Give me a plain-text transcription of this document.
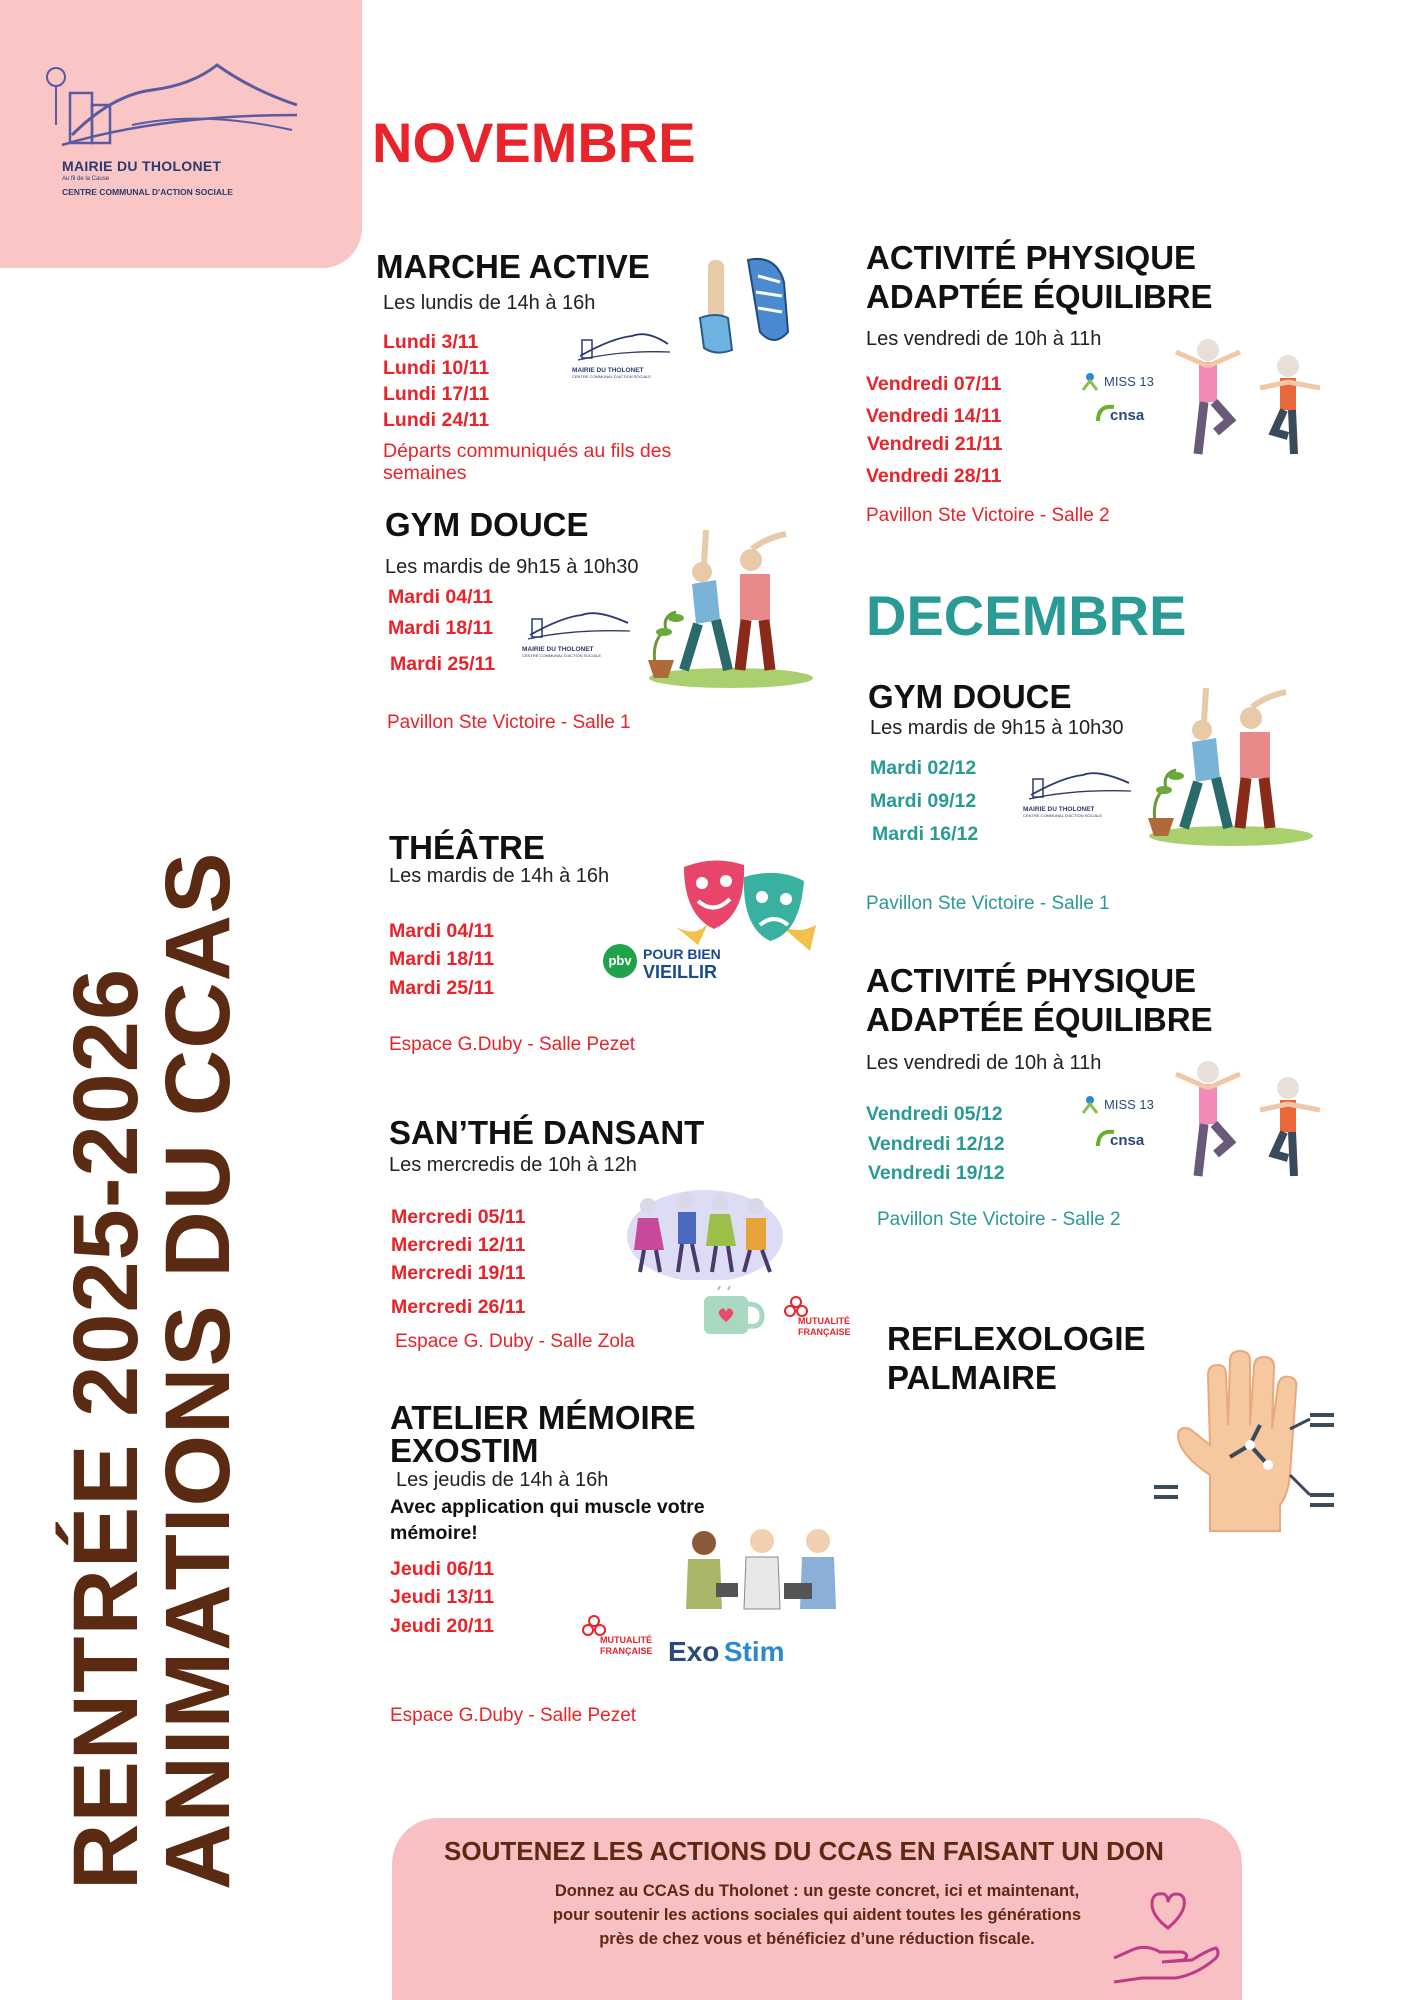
MAIRIE DU THOLONET
Au fil de la Cause
CENTRE COMMUNAL D'ACTION SOCIALE
RENTRÉE 2025-2026
ANIMATIONS DU CCAS
NOVEMBRE
MARCHE ACTIVE
Les lundis de 14h à 16h
Lundi 3/11
Lundi 10/11
Lundi 17/11
Lundi 24/11
Départs communiqués au fils des semaines
MAIRIE DU THOLONET
CENTRE COMMUNAL D'ACTION SOCIALE
GYM DOUCE
Les mardis de 9h15 à 10h30
Mardi 04/11
Mardi 18/11
Mardi 25/11
Pavillon Ste Victoire - Salle 1
MAIRIE DU THOLONET
CENTRE COMMUNAL D'ACTION SOCIALE
THÉÂTRE
Les mardis de 14h à 16h
Mardi 04/11
Mardi 18/11
Mardi 25/11
Espace G.Duby - Salle Pezet
pbv POUR BIEN
VIEILLIR
SAN’THÉ DANSANT
Les mercredis de 10h à 12h
Mercredi 05/11
Mercredi 12/11
Mercredi 19/11
Mercredi 26/11
Espace G. Duby - Salle Zola
MUTUALITÉ
FRANÇAISE
ATELIER MÉMOIRE
EXOSTIM
Les jeudis de 14h à 16h
Avec application qui muscle votre mémoire!
Jeudi 06/11
Jeudi 13/11
Jeudi 20/11
Espace G.Duby - Salle Pezet
MUTUALITÉ
FRANÇAISE Exo Stim
ACTIVITÉ PHYSIQUE
ADAPTÉE ÉQUILIBRE
Les vendredi de 10h à 11h
Vendredi 07/11
Vendredi 14/11
Vendredi 21/11
Vendredi 28/11
Pavillon Ste Victoire - Salle 2
MISS 13
cnsa
DECEMBRE
GYM DOUCE
Les mardis de 9h15 à 10h30
Mardi 02/12
Mardi 09/12
Mardi 16/12
Pavillon Ste Victoire - Salle 1
MAIRIE DU THOLONET
CENTRE COMMUNAL D'ACTION SOCIALE
ACTIVITÉ PHYSIQUE
ADAPTÉE ÉQUILIBRE
Les vendredi de 10h à 11h
Vendredi 05/12
Vendredi 12/12
Vendredi 19/12
Pavillon Ste Victoire - Salle 2
MISS 13
cnsa
REFLEXOLOGIE
PALMAIRE
SOUTENEZ LES ACTIONS DU CCAS EN FAISANT UN DON
Donnez au CCAS du Tholonet : un geste concret, ici et maintenant,
pour soutenir les actions sociales qui aident toutes les générations
près de chez vous et bénéficiez d’une réduction fiscale.
